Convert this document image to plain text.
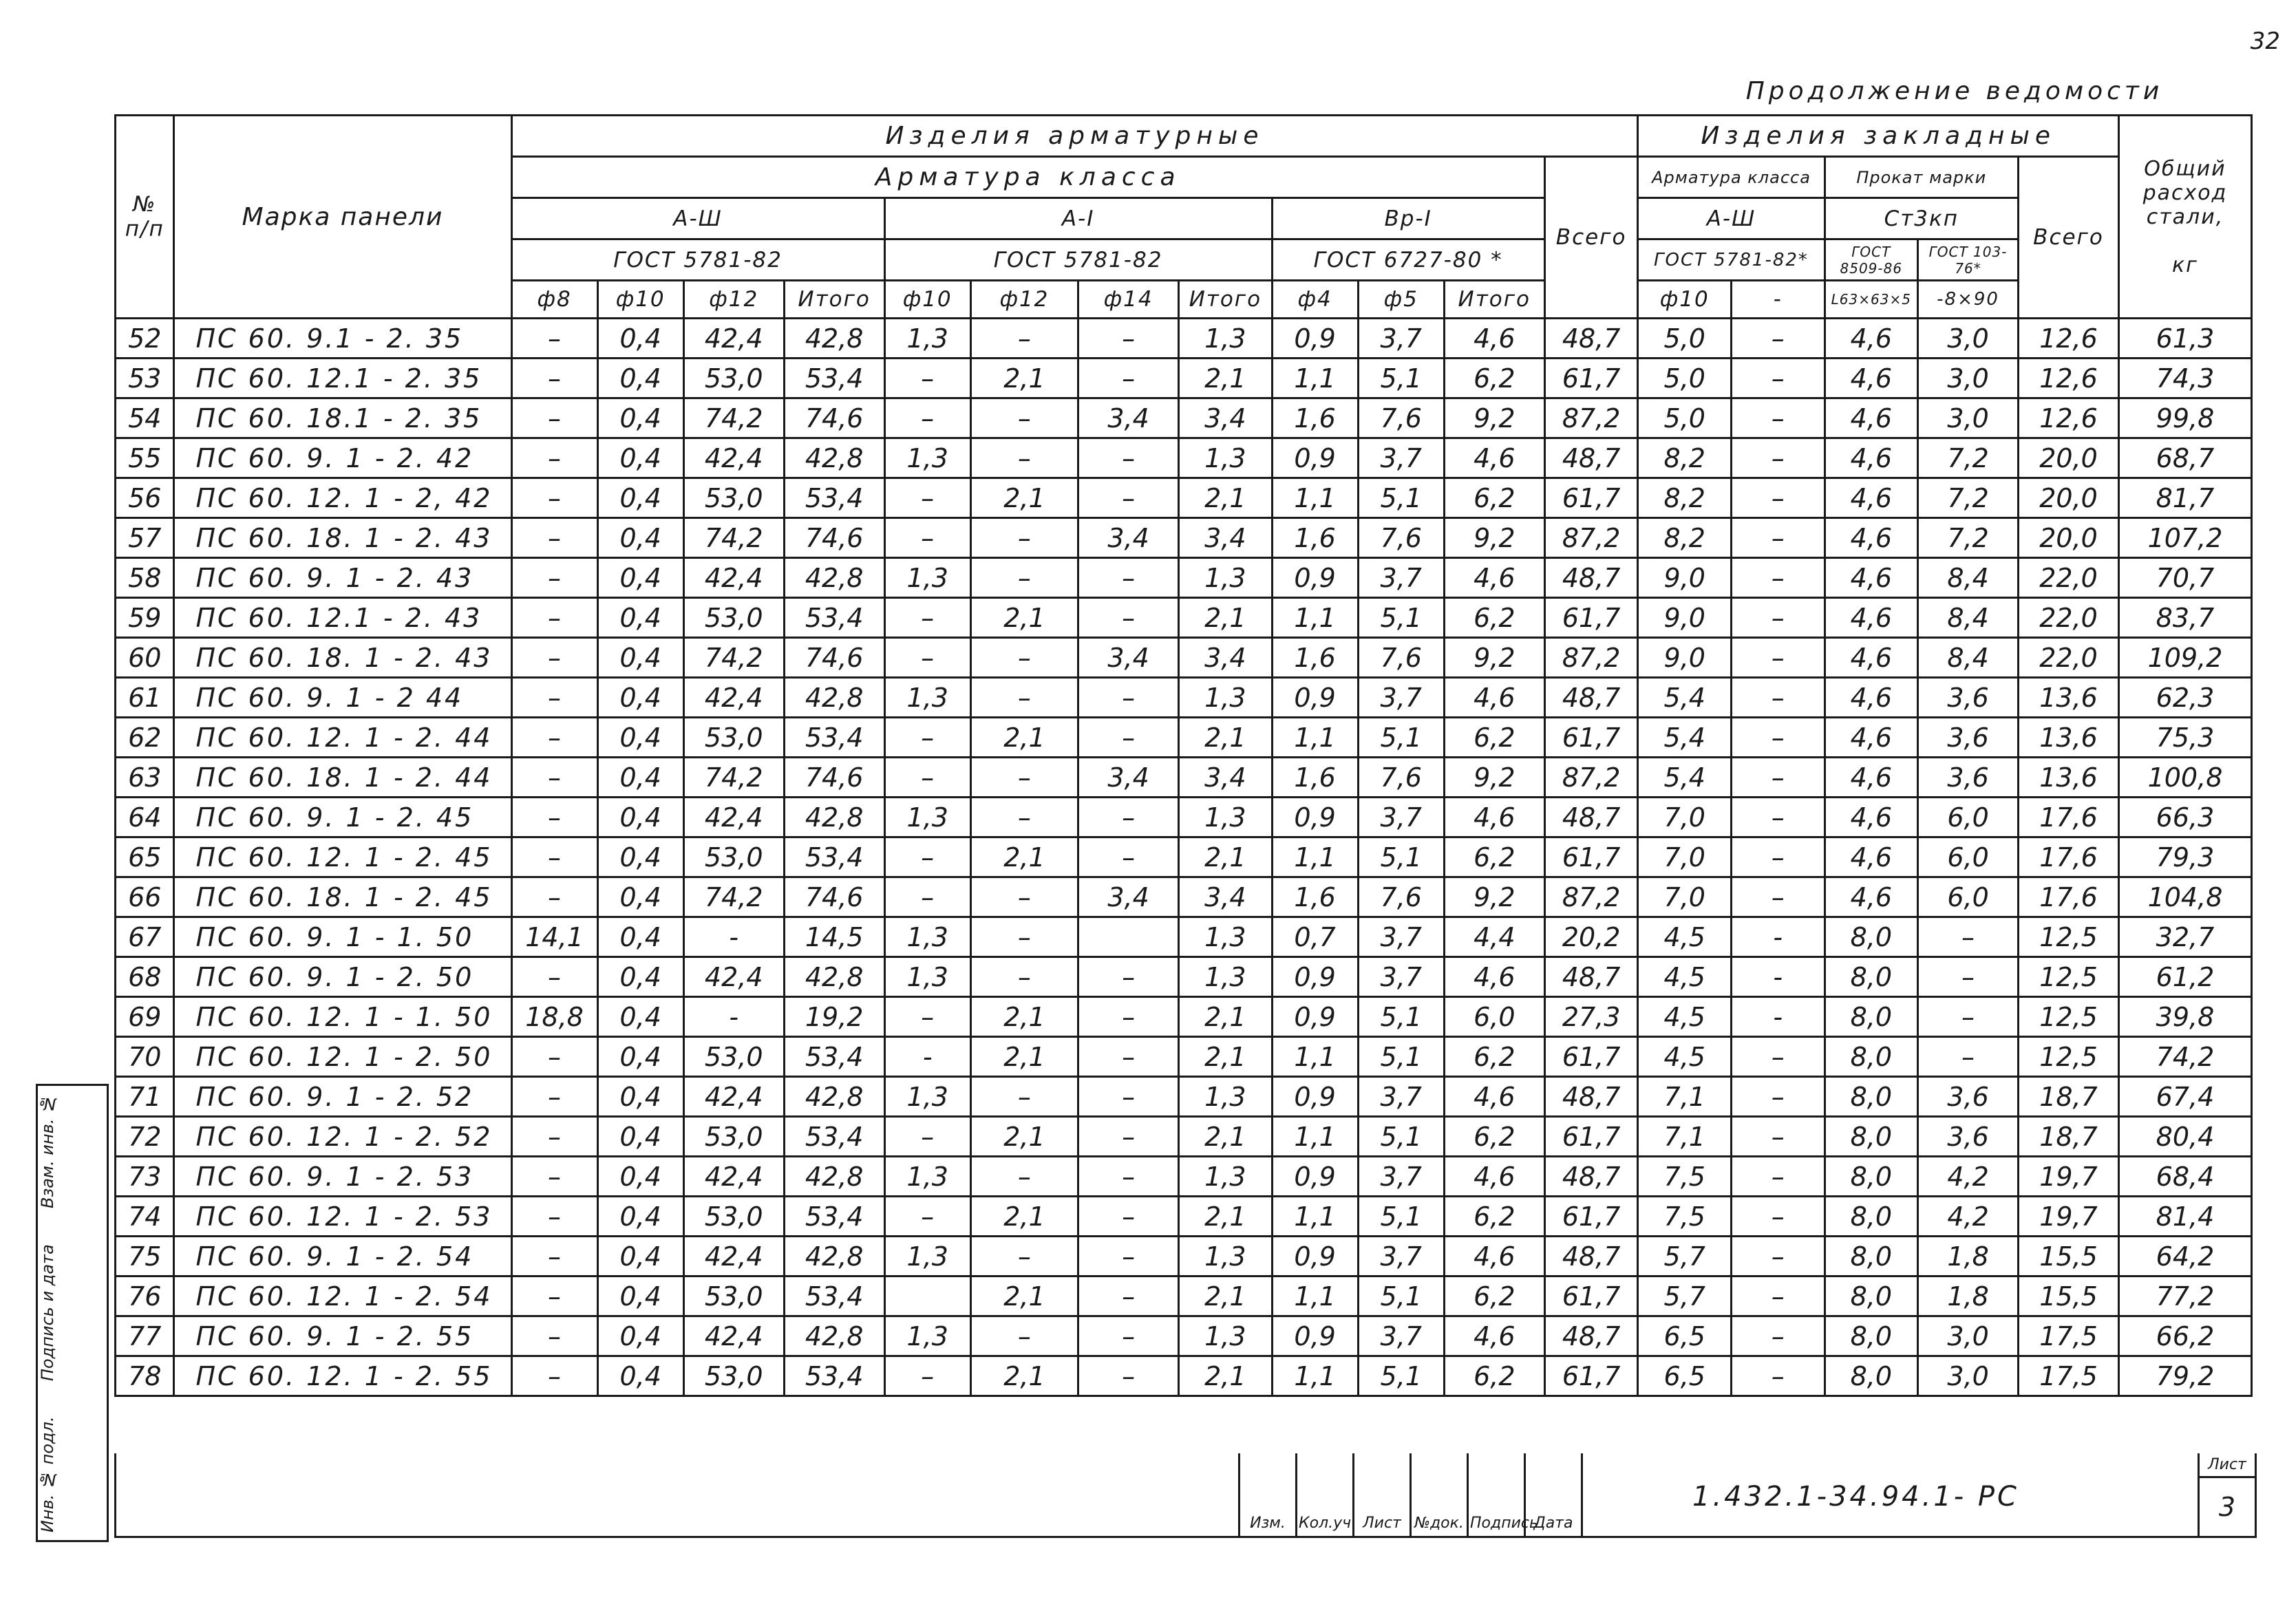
32
Продолжение ведомости
№ п/п	Марка панели	Изделия арматурные												Изделия закладные					Общий расход стали,

кг
		Арматура класса											Всего	Арматура класса		Прокат марки		Всего	
		А-Ш				А-I				Вр-I				А-Ш		Ст3кп			
		ГОСТ 5781-82				ГОСТ 5781-82				ГОСТ 6727-80 *				ГОСТ 5781-82*		ГОСТ 8509-86	ГОСТ 103-76*		
		ф8	ф10	ф12	Итого	ф10	ф12	ф14	Итого	ф4	ф5	Итого		ф10	-	L63×63×5	-8×90		
52	ПС 60. 9.1 - 2. 35	–	0,4	42,4	42,8	1,3	–	–	1,3	0,9	3,7	4,6	48,7	5,0	–	4,6	3,0	12,6	61,3
53	ПС 60. 12.1 - 2. 35	–	0,4	53,0	53,4	–	2,1	–	2,1	1,1	5,1	6,2	61,7	5,0	–	4,6	3,0	12,6	74,3
54	ПС 60. 18.1 - 2. 35	–	0,4	74,2	74,6	–	–	3,4	3,4	1,6	7,6	9,2	87,2	5,0	–	4,6	3,0	12,6	99,8
55	ПС 60. 9. 1 - 2. 42	–	0,4	42,4	42,8	1,3	–	–	1,3	0,9	3,7	4,6	48,7	8,2	–	4,6	7,2	20,0	68,7
56	ПС 60. 12. 1 - 2, 42	–	0,4	53,0	53,4	–	2,1	–	2,1	1,1	5,1	6,2	61,7	8,2	–	4,6	7,2	20,0	81,7
57	ПС 60. 18. 1 - 2. 43	–	0,4	74,2	74,6	–	–	3,4	3,4	1,6	7,6	9,2	87,2	8,2	–	4,6	7,2	20,0	107,2
58	ПС 60. 9. 1 - 2. 43	–	0,4	42,4	42,8	1,3	–	–	1,3	0,9	3,7	4,6	48,7	9,0	–	4,6	8,4	22,0	70,7
59	ПС 60. 12.1 - 2. 43	–	0,4	53,0	53,4	–	2,1	–	2,1	1,1	5,1	6,2	61,7	9,0	–	4,6	8,4	22,0	83,7
60	ПС 60. 18. 1 - 2. 43	–	0,4	74,2	74,6	–	–	3,4	3,4	1,6	7,6	9,2	87,2	9,0	–	4,6	8,4	22,0	109,2
61	ПС 60. 9. 1 - 2 44	–	0,4	42,4	42,8	1,3	–	–	1,3	0,9	3,7	4,6	48,7	5,4	–	4,6	3,6	13,6	62,3
62	ПС 60. 12. 1 - 2. 44	–	0,4	53,0	53,4	–	2,1	–	2,1	1,1	5,1	6,2	61,7	5,4	–	4,6	3,6	13,6	75,3
63	ПС 60. 18. 1 - 2. 44	–	0,4	74,2	74,6	–	–	3,4	3,4	1,6	7,6	9,2	87,2	5,4	–	4,6	3,6	13,6	100,8
64	ПС 60. 9. 1 - 2. 45	–	0,4	42,4	42,8	1,3	–	–	1,3	0,9	3,7	4,6	48,7	7,0	–	4,6	6,0	17,6	66,3
65	ПС 60. 12. 1 - 2. 45	–	0,4	53,0	53,4	–	2,1	–	2,1	1,1	5,1	6,2	61,7	7,0	–	4,6	6,0	17,6	79,3
66	ПС 60. 18. 1 - 2. 45	–	0,4	74,2	74,6	–	–	3,4	3,4	1,6	7,6	9,2	87,2	7,0	–	4,6	6,0	17,6	104,8
67	ПС 60. 9. 1 - 1. 50	14,1	0,4	-	14,5	1,3	–		1,3	0,7	3,7	4,4	20,2	4,5	-	8,0	–	12,5	32,7
68	ПС 60. 9. 1 - 2. 50	–	0,4	42,4	42,8	1,3	–	–	1,3	0,9	3,7	4,6	48,7	4,5	-	8,0	–	12,5	61,2
69	ПС 60. 12. 1 - 1. 50	18,8	0,4	-	19,2	–	2,1	–	2,1	0,9	5,1	6,0	27,3	4,5	-	8,0	–	12,5	39,8
70	ПС 60. 12. 1 - 2. 50	–	0,4	53,0	53,4	-	2,1	–	2,1	1,1	5,1	6,2	61,7	4,5	–	8,0	–	12,5	74,2
71	ПС 60. 9. 1 - 2. 52	–	0,4	42,4	42,8	1,3	–	–	1,3	0,9	3,7	4,6	48,7	7,1	–	8,0	3,6	18,7	67,4
72	ПС 60. 12. 1 - 2. 52	–	0,4	53,0	53,4	–	2,1	–	2,1	1,1	5,1	6,2	61,7	7,1	–	8,0	3,6	18,7	80,4
73	ПС 60. 9. 1 - 2. 53	–	0,4	42,4	42,8	1,3	–	–	1,3	0,9	3,7	4,6	48,7	7,5	–	8,0	4,2	19,7	68,4
74	ПС 60. 12. 1 - 2. 53	–	0,4	53,0	53,4	–	2,1	–	2,1	1,1	5,1	6,2	61,7	7,5	–	8,0	4,2	19,7	81,4
75	ПС 60. 9. 1 - 2. 54	–	0,4	42,4	42,8	1,3	–	–	1,3	0,9	3,7	4,6	48,7	5,7	–	8,0	1,8	15,5	64,2
76	ПС 60. 12. 1 - 2. 54	–	0,4	53,0	53,4		2,1	–	2,1	1,1	5,1	6,2	61,7	5,7	–	8,0	1,8	15,5	77,2
77	ПС 60. 9. 1 - 2. 55	–	0,4	42,4	42,8	1,3	–	–	1,3	0,9	3,7	4,6	48,7	6,5	–	8,0	3,0	17,5	66,2
78	ПС 60. 12. 1 - 2. 55	–	0,4	53,0	53,4	–	2,1	–	2,1	1,1	5,1	6,2	61,7	6,5	–	8,0	3,0	17,5	79,2
Инв. № подл.
Подпись и дата
Взам. инв. №
Изм. Кол.уч Лист №док. Подпись
Дата
1.432.1-34.94.1- РС
Лист
3
